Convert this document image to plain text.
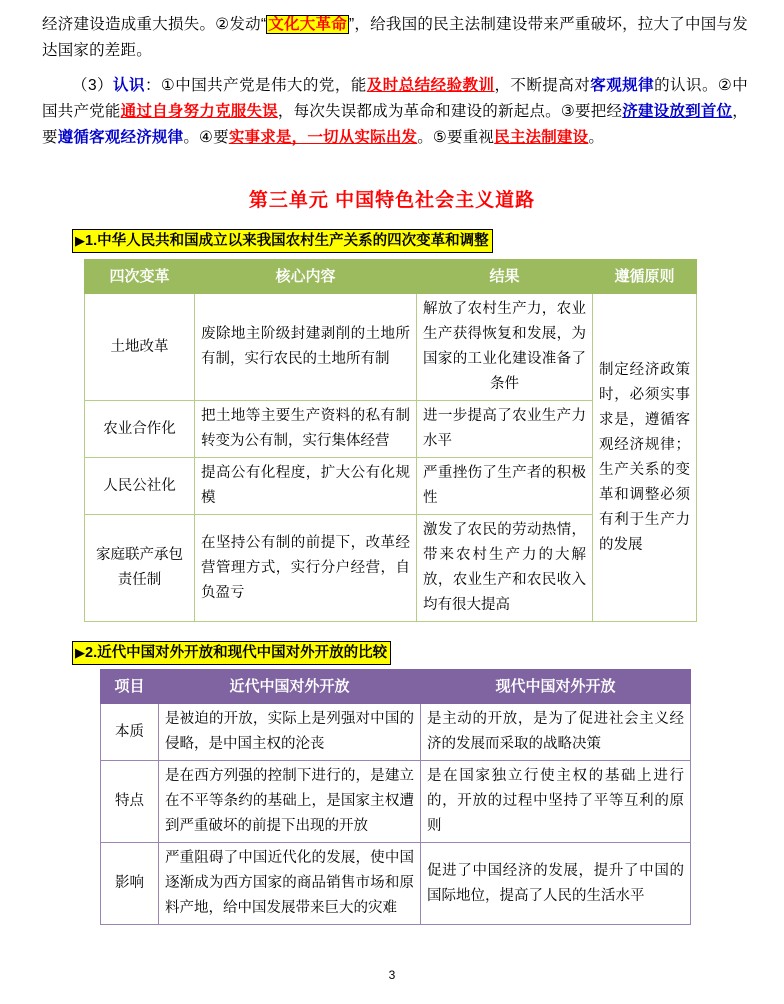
经济建设造成重大损失。②发动“ 文化大革命 ”，给我国的民主法制建设带来严重破坏，拉大了中国与发达国家的差距。

（3）认识：①中国共产党是伟大的党，能及时总结经验教训，不断提高对客观规律的认识。②中国共产党能通过自身努力克服失误，每次失误都成为革命和建设的新起点。③要把经济建设放到首位，要遵循客观经济规律。④要实事求是，一切从实际出发。⑤要重视民主法制建设。

第三单元 中国特色社会主义道路
▶1.中华人民共和国成立以来我国农村生产关系的四次变革和调整
四次变革	核心内容	结果	遵循原则
土地改革	废除地主阶级封建剥削的土地所有制，实行农民的土地所有制	解放了农村生产力，农业生产获得恢复和发展，为国家的工业化建设准备了条件	制定经济政策时，必须实事求是，遵循客观经济规律；生产关系的变革和调整必须有利于生产力的发展
农业合作化	把土地等主要生产资料的私有制转变为公有制，实行集体经营	进一步提高了农业生产力水平	
人民公社化	提高公有化程度，扩大公有化规模	严重挫伤了生产者的积极性	
家庭联产承包责任制	在坚持公有制的前提下，改革经营管理方式，实行分户经营，自负盈亏	激发了农民的劳动热情，带来农村生产力的大解放，农业生产和农民收入均有很大提高	
▶2.近代中国对外开放和现代中国对外开放的比较
项目	近代中国对外开放	现代中国对外开放
本质	是被迫的开放，实际上是列强对中国的侵略，是中国主权的沦丧	是主动的开放，是为了促进社会主义经济的发展而采取的战略决策
特点	是在西方列强的控制下进行的，是建立在不平等条约的基础上，是国家主权遭到严重破坏的前提下出现的开放	是在国家独立行使主权的基础上进行的，开放的过程中坚持了平等互利的原则
影响	严重阻碍了中国近代化的发展，使中国逐渐成为西方国家的商品销售市场和原料产地，给中国发展带来巨大的灾难	促进了中国经济的发展，提升了中国的国际地位，提高了人民的生活水平
3
